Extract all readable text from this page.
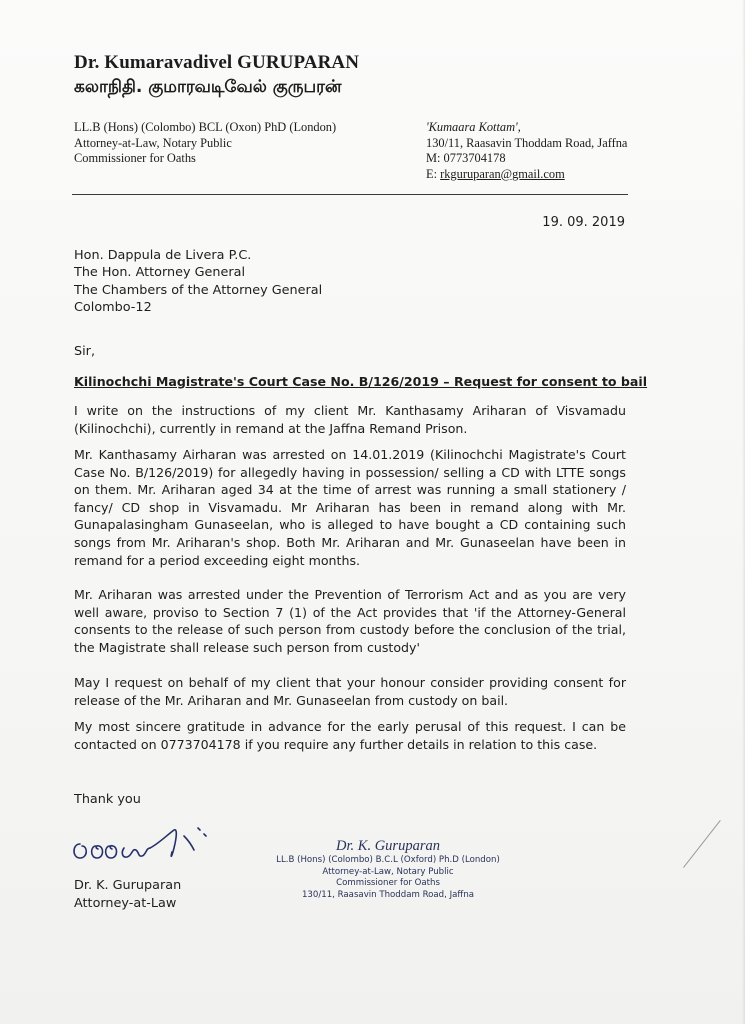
Dr. Kumaravadivel GURUPARAN
கலாநிதி. குமாரவடிவேல் குருபரன்
LL.B (Hons) (Colombo) BCL (Oxon) PhD (London)
Attorney-at-Law, Notary Public
Commissioner for Oaths
'Kumaara Kottam',
130/11, Raasavin Thoddam Road, Jaffna
M: 0773704178
E: rkguruparan@gmail.com
19. 09. 2019
Hon. Dappula de Livera P.C.
The Hon. Attorney General
The Chambers of the Attorney General
Colombo-12
Sir,
Kilinochchi Magistrate's Court Case No. B/126/2019 – Request for consent to bail
I write on the instructions of my client Mr. Kanthasamy Ariharan of Visvamadu (Kilinochchi), currently in remand at the Jaffna Remand Prison.
Mr. Kanthasamy Airharan was arrested on 14.01.2019 (Kilinochchi Magistrate's Court Case No. B/126/2019) for allegedly having in possession/ selling a CD with LTTE songs on them. Mr. Ariharan aged 34 at the time of arrest was running a small stationery / fancy/ CD shop in Visvamadu. Mr Ariharan has been in remand along with Mr. Gunapalasingham Gunaseelan, who is alleged to have bought a CD containing such songs from Mr. Ariharan's shop. Both Mr. Ariharan and Mr. Gunaseelan have been in remand for a period exceeding eight months.
Mr. Ariharan was arrested under the Prevention of Terrorism Act and as you are very well aware, proviso to Section 7 (1) of the Act provides that 'if the Attorney-General consents to the release of such person from custody before the conclusion of the trial, the Magistrate shall release such person from custody'
May I request on behalf of my client that your honour consider providing consent for release of the Mr. Ariharan and Mr. Gunaseelan from custody on bail.
My most sincere gratitude in advance for the early perusal of this request. I can be contacted on 0773704178 if you require any further details in relation to this case.
Thank you
Dr. K. Guruparan
Attorney-at-Law
Dr. K. Guruparan
LL.B (Hons) (Colombo) B.C.L (Oxford) Ph.D (London)
Attorney-at-Law, Notary Public
Commissioner for Oaths
130/11, Raasavin Thoddam Road, Jaffna
